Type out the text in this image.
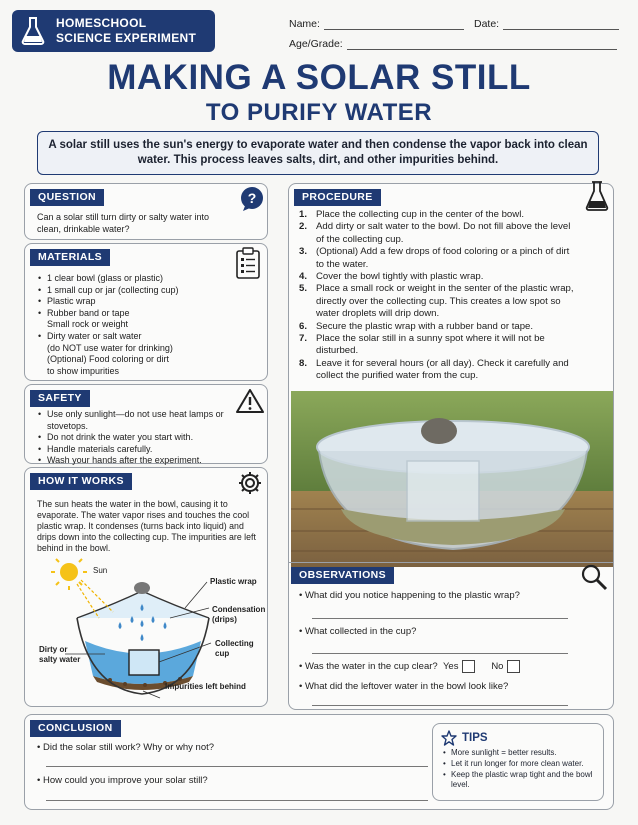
HOMESCHOOL
SCIENCE EXPERIMENT
Name:	Date:
Age/Grade:
MAKING A SOLAR STILL
TO PURIFY WATER
A solar still uses the sun's energy to evaporate water and then condense the vapor back into clean water. This process leaves salts, dirt, and other impurities behind.
QUESTION	?
Can a solar still turn dirty or salty water into clean, drinkable water?
MATERIALS
• 1 clear bowl (glass or plastic)
• 1 small cup or jar (collecting cup)
• Plastic wrap
• Rubber band or tape
Small rock or weight
• Dirty water or salt water
(do NOT use water for drinking)
(Optional) Food coloring or dirt
to show impurities
SAFETY
• Use only sunlight—do not use heat lamps or stovetops.
• Do not drink the water you start with.
• Handle materials carefully.
• Wash your hands after the experiment.
HOW IT WORKS
The sun heats the water in the bowl, causing it to evaporate. The water vapor rises and touches the cool plastic wrap. It condenses (turns back into liquid) and drips down into the collecting cup. The impurities are left behind in the bowl.
Sun
Plastic wrap
Condensation
(drips)
Collecting
cup
Dirty or
salty water
Impurities left behind
PROCEDURE
1. Place the collecting cup in the center of the bowl.
2. Add dirty or salt water to the bowl. Do not fill above the level of the collecting cup.
3. (Optional) Add a few drops of food coloring or a pinch of dirt to the water.
4. Cover the bowl tightly with plastic wrap.
5. Place a small rock or weight in the senter of the plastic wrap, directly over the collecting cup. This creates a low spot so water droplets will drip down.
6. Secure the plastic wrap with a rubber band or tape.
7. Place the solar still in a sunny spot where it will not be disturbed.
8. Leave it for several hours (or all day). Check it carefully and collect the purified water from the cup.
OBSERVATIONS
• What did you notice happening to the plastic wrap?
• What collected in the cup?
• Was the water in the cup clear? Yes	No
• What did the leftover water in the bowl look like?
CONCLUSION
• Did the solar still work? Why or why not?
• How could you improve your solar still?
TIPS
• More sunlight = better results.
• Let it run longer for more clean water.
• Keep the plastic wrap tight and the bowl level.
